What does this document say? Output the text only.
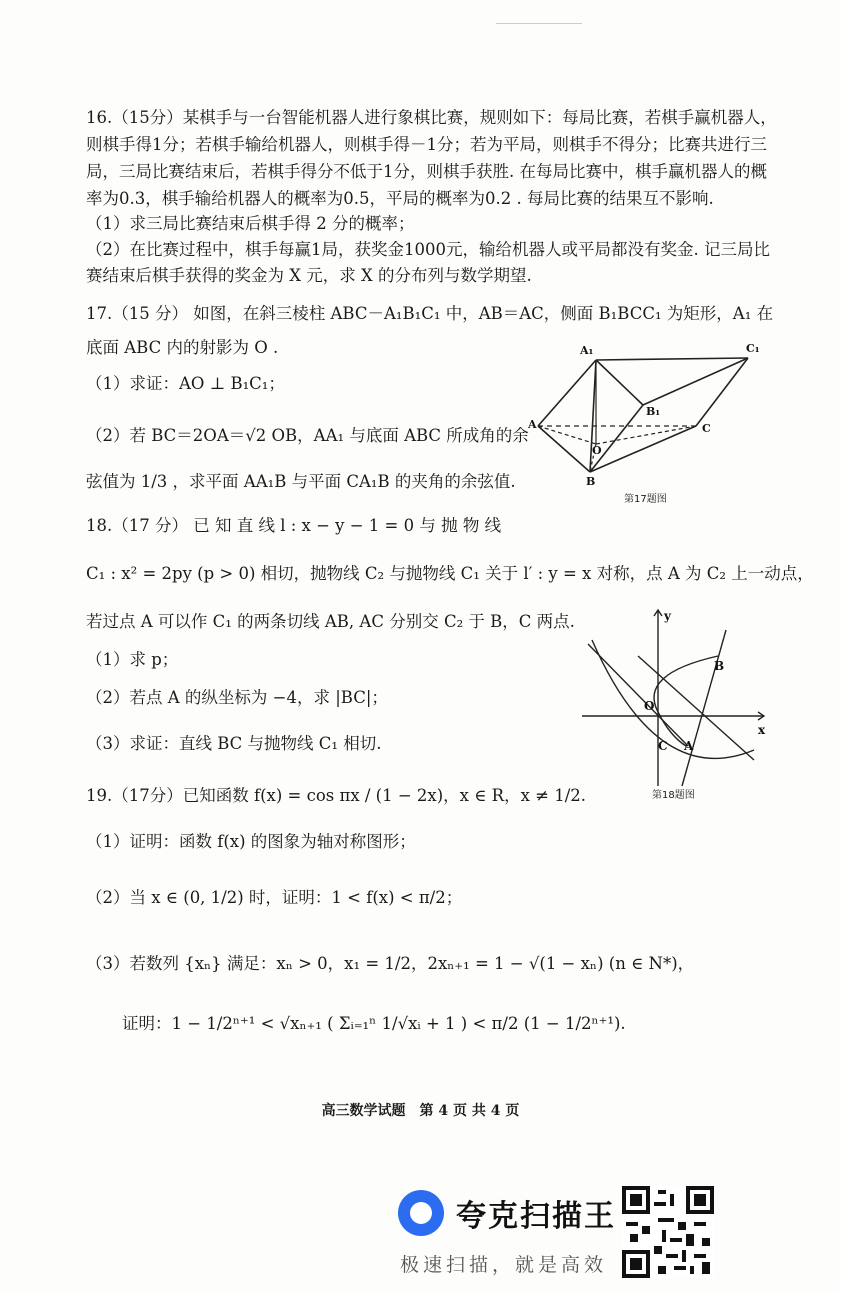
16.（15分）某棋手与一台智能机器人进行象棋比赛，规则如下：每局比赛，若棋手赢机器人，
则棋手得1分；若棋手输给机器人，则棋手得－1分；若为平局，则棋手不得分；比赛共进行三
局，三局比赛结束后，若棋手得分不低于1分，则棋手获胜. 在每局比赛中，棋手赢机器人的概
率为0.3，棋手输给机器人的概率为0.5，平局的概率为0.2 . 每局比赛的结果互不影响.
（1）求三局比赛结束后棋手得 2 分的概率；
（2）在比赛过程中，棋手每赢1局，获奖金1000元，输给机器人或平局都没有奖金. 记三局比
赛结束后棋手获得的奖金为 X 元，求 X 的分布列与数学期望.
17.（15 分） 如图，在斜三棱柱 ABC－A₁B₁C₁ 中，AB＝AC，侧面 B₁BCC₁ 为矩形，A₁ 在
底面 ABC 内的射影为 O .
（1）求证：AO ⊥ B₁C₁；
（2）若 BC＝2OA＝√2 OB，AA₁ 与底面 ABC 所成角的余
弦值为 1/3 ，求平面 AA₁B 与平面 CA₁B 的夹角的余弦值.
A₁	C₁
B₁
A	C
O
B
第17题图
18.（17 分） 已 知 直 线 l : x − y − 1 = 0 与 抛 物 线
C₁ : x² = 2py (p > 0) 相切，抛物线 C₂ 与抛物线 C₁ 关于 l′ : y = x 对称，点 A 为 C₂ 上一动点，
若过点 A 可以作 C₁ 的两条切线 AB, AC 分别交 C₂ 于 B，C 两点.
（1）求 p；
（2）若点 A 的纵坐标为 −4，求 |BC|；
（3）求证：直线 BC 与抛物线 C₁ 相切.
y
x
O
B
C A
第18题图
19.（17分）已知函数 f(x) = cos πx / (1 − 2x)，x ∈ R，x ≠ 1/2.
（1）证明：函数 f(x) 的图象为轴对称图形；
（2）当 x ∈ (0, 1/2) 时，证明：1 < f(x) < π/2；
（3）若数列 {xₙ} 满足：xₙ > 0，x₁ = 1/2，2xₙ₊₁ = 1 − √(1 − xₙ) (n ∈ N*)，
证明：1 − 1/2ⁿ⁺¹ < √xₙ₊₁ ( Σᵢ₌₁ⁿ 1/√xᵢ + 1 ) < π/2 (1 − 1/2ⁿ⁺¹).
高三数学试题　第 4 页 共 4 页
夸克扫描王
极速扫描，就是高效
